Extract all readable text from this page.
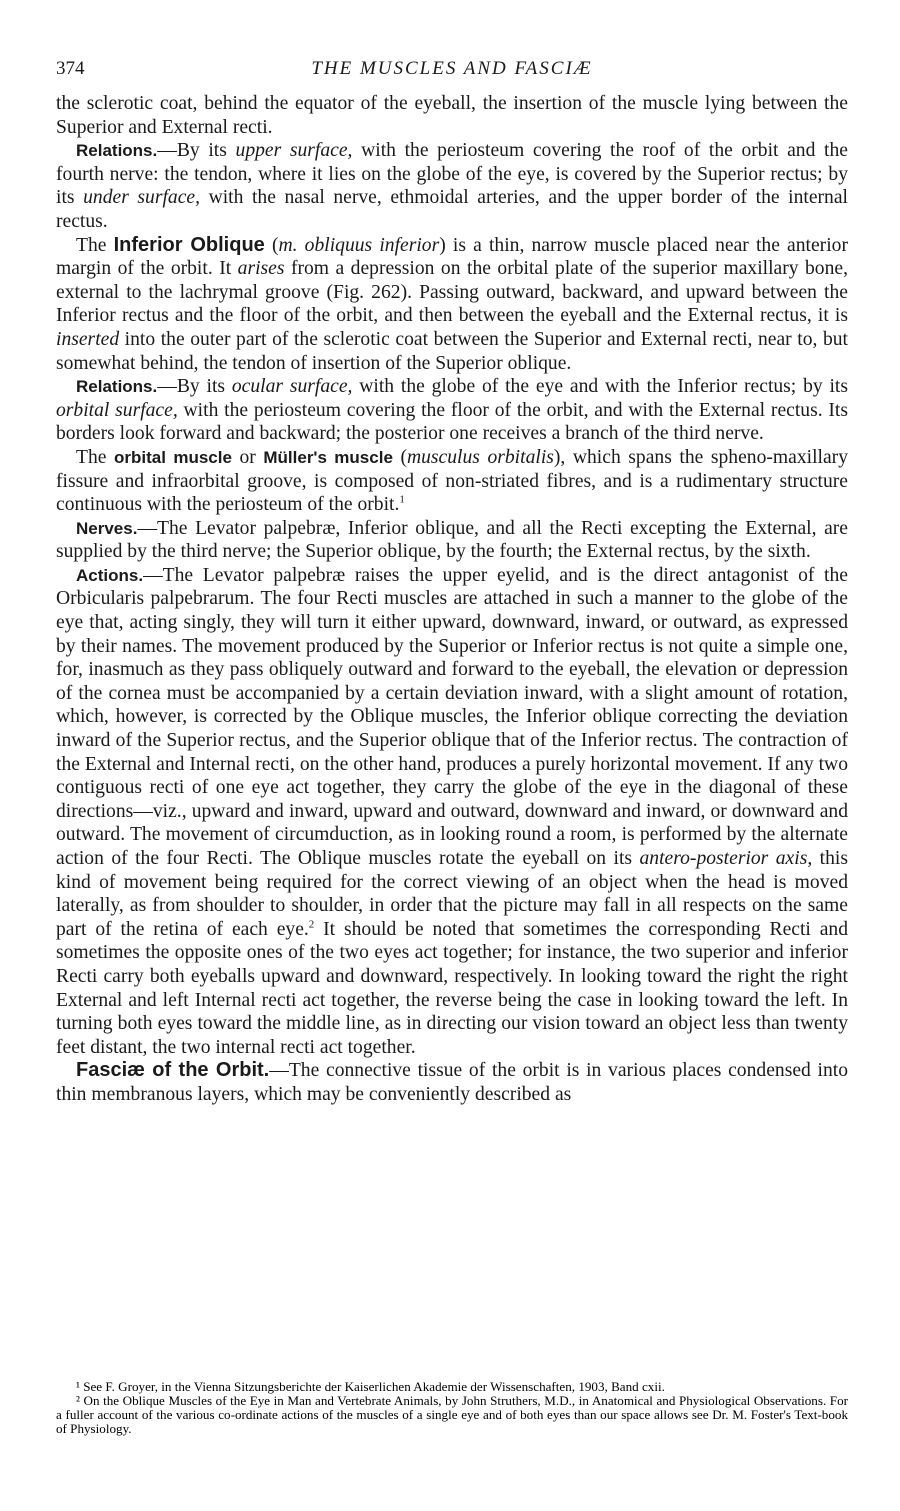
374	THE MUSCLES AND FASCIÆ

the sclerotic coat, behind the equator of the eyeball, the insertion of the muscle lying between the Superior and External recti.

Relations.—By its upper surface, with the periosteum covering the roof of the orbit and the fourth nerve: the tendon, where it lies on the globe of the eye, is covered by the Superior rectus; by its under surface, with the nasal nerve, ethmoidal arteries, and the upper border of the internal rectus.

The Inferior Oblique (m. obliquus inferior) is a thin, narrow muscle placed near the anterior margin of the orbit. It arises from a depression on the orbital plate of the superior maxillary bone, external to the lachrymal groove (Fig. 262). Passing outward, backward, and upward between the Inferior rectus and the floor of the orbit, and then between the eyeball and the External rectus, it is inserted into the outer part of the sclerotic coat between the Superior and External recti, near to, but somewhat behind, the tendon of insertion of the Superior oblique.

Relations.—By its ocular surface, with the globe of the eye and with the Inferior rectus; by its orbital surface, with the periosteum covering the floor of the orbit, and with the External rectus. Its borders look forward and backward; the posterior one receives a branch of the third nerve.

The orbital muscle or Müller's muscle (musculus orbitalis), which spans the spheno-maxillary fissure and infraorbital groove, is composed of non-striated fibres, and is a rudimentary structure continuous with the periosteum of the orbit.$^1$

Nerves.—The Levator palpebræ, Inferior oblique, and all the Recti excepting the External, are supplied by the third nerve; the Superior oblique, by the fourth; the External rectus, by the sixth.

Actions.—The Levator palpebræ raises the upper eyelid, and is the direct antagonist of the Orbicularis palpebrarum. The four Recti muscles are attached in such a manner to the globe of the eye that, acting singly, they will turn it either upward, downward, inward, or outward, as expressed by their names. The movement produced by the Superior or Inferior rectus is not quite a simple one, for, inasmuch as they pass obliquely outward and forward to the eyeball, the elevation or depression of the cornea must be accompanied by a certain deviation inward, with a slight amount of rotation, which, however, is corrected by the Oblique muscles, the Inferior oblique correcting the deviation inward of the Superior rectus, and the Superior oblique that of the Inferior rectus. The contraction of the External and Internal recti, on the other hand, produces a purely horizontal movement. If any two contiguous recti of one eye act together, they carry the globe of the eye in the diagonal of these directions—viz., upward and inward, upward and outward, downward and inward, or downward and outward. The movement of circumduction, as in looking round a room, is performed by the alternate action of the four Recti. The Oblique muscles rotate the eyeball on its antero-posterior axis, this kind of movement being required for the correct viewing of an object when the head is moved laterally, as from shoulder to shoulder, in order that the picture may fall in all respects on the same part of the retina of each eye.$^2$ It should be noted that sometimes the corresponding Recti and sometimes the opposite ones of the two eyes act together; for instance, the two superior and inferior Recti carry both eyeballs upward and downward, respectively. In looking toward the right the right External and left Internal recti act together, the reverse being the case in looking toward the left. In turning both eyes toward the middle line, as in directing our vision toward an object less than twenty feet distant, the two internal recti act together.

Fasciæ of the Orbit.—The connective tissue of the orbit is in various places condensed into thin membranous layers, which may be conveniently described as

¹ See F. Groyer, in the Vienna Sitzungsberichte der Kaiserlichen Akademie der Wissenschaften, 1903, Band cxii.

² On the Oblique Muscles of the Eye in Man and Vertebrate Animals, by John Struthers, M.D., in Anatomical and Physiological Observations. For a fuller account of the various co-ordinate actions of the muscles of a single eye and of both eyes than our space allows see Dr. M. Foster's Text-book of Physiology.
